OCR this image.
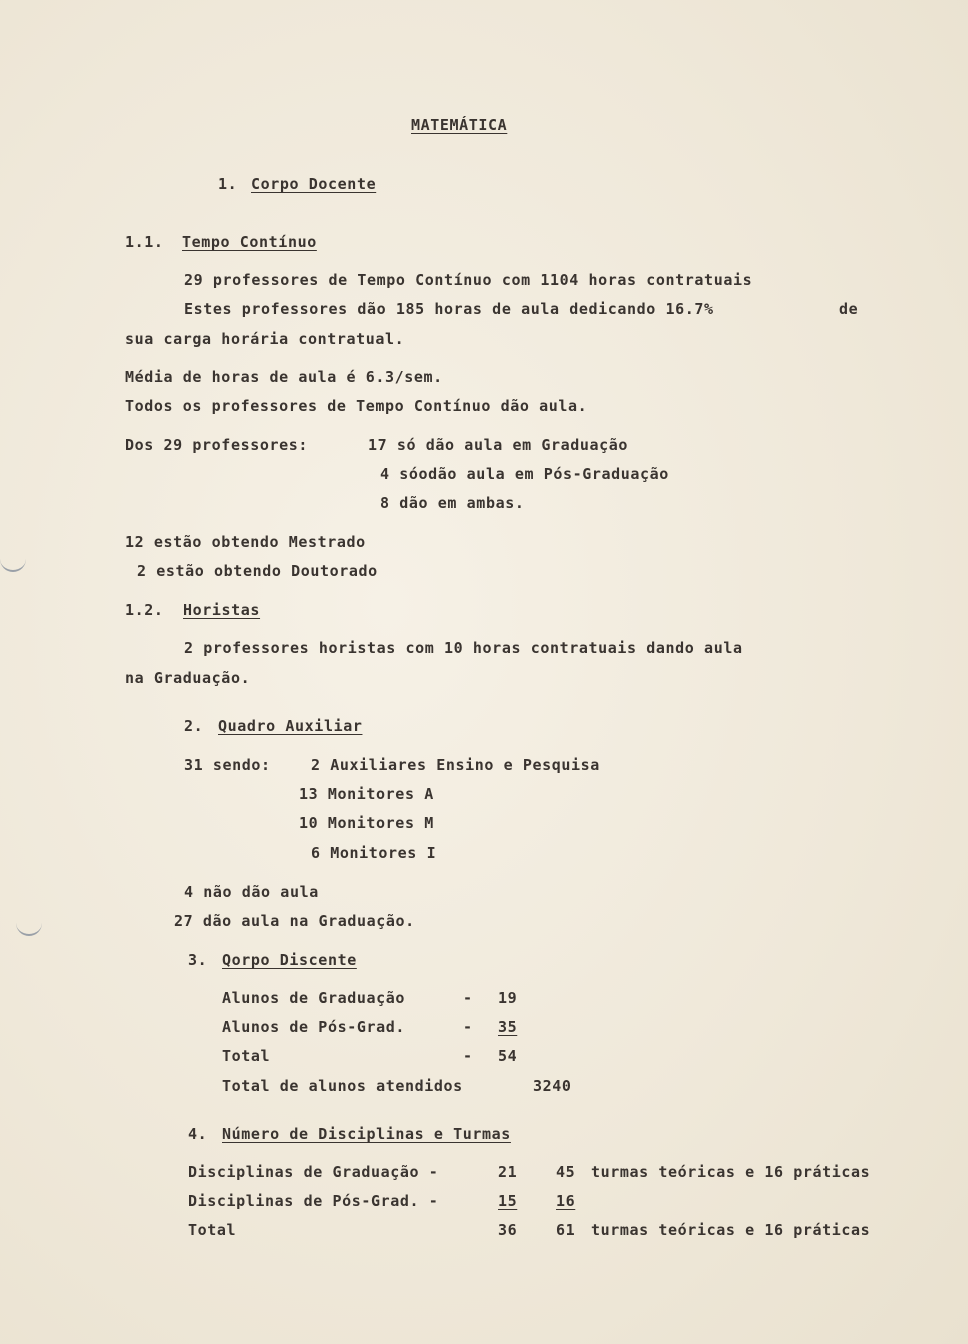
MATEMÁTICA
1. Corpo Docente
1.1. Tempo Contínuo
29 professores de Tempo Contínuo com 1104 horas contratuais
Estes professores dão 185 horas de aula dedicando 16.7%	de
sua carga horária contratual.
Média de horas de aula é 6.3/sem.
Todos os professores de Tempo Contínuo dão aula.
Dos 29 professores:	17 só dão aula em Graduação
4 sóodão aula em Pós-Graduação
8 dão em ambas.
12 estão obtendo Mestrado
2 estão obtendo Doutorado
1.2. Horistas
2 professores horistas com 10 horas contratuais dando aula
na Graduação.
2. Quadro Auxiliar
31 sendo:	2 Auxiliares Ensino e Pesquisa
13 Monitores A
10 Monitores M
6 Monitores I
4 não dão aula
27 dão aula na Graduação.
3. Qorpo Discente
Alunos de Graduação	- 19
Alunos de Pós-Grad.	- 35
Total	- 54
Total de alunos atendidos	3240
4. Número de Disciplinas e Turmas
Disciplinas de Graduação -	21	45 turmas teóricas e 16 práticas
Disciplinas de Pós-Grad. -	15	16
Total	36	61 turmas teóricas e 16 práticas
